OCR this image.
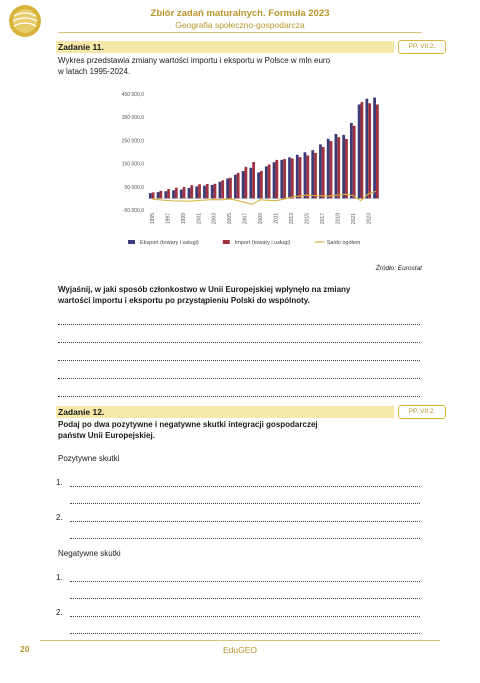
Zbiór zadań maturalnych. Formuła 2023
Geografia społeczno-gospodarcza
Zadanie 11.	PP. VII.2.
Wykres przedstawia zmiany wartości importu i eksportu w Polsce w mln euro
w latach 1995-2024.
450 000,0
350 000,0
250 000,0
150 000,0
50 000,0
-50 000,0
1995 1997 1999 2001 2003 2005 2007 2009 2011 2013 2015 2017 2019 2021 2023
Eksport (towary i usługi)	Import (towary i usługi)	Saldo ogółem
Źródło: Eurostat
Wyjaśnij, w jaki sposób członkostwo w Unii Europejskiej wpłynęło na zmiany
wartości importu i eksportu po przystąpieniu Polski do wspólnoty.
Zadanie 12.	PP. VII.2.
Podaj po dwa pozytywne i negatywne skutki integracji gospodarczej
państw Unii Europejskiej.
Pozytywne skutki
1.
2.
Negatywne skutki
1.
2.
20	EduGEO
